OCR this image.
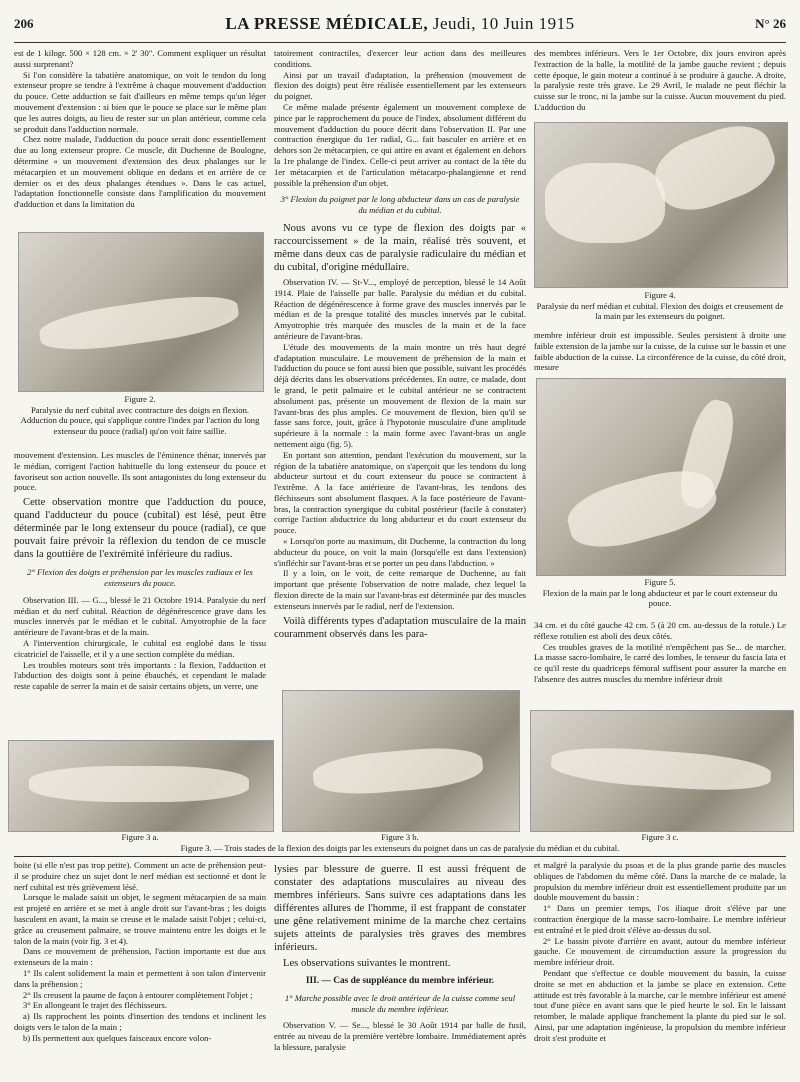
206	LA PRESSE MÉDICALE, Jeudi, 10 Juin 1915	N° 26

est de 1 kilogr. 500 × 128 cm. × 2' 30". Comment expliquer un résultat aussi surprenant?

Si l'on considère la tabatière anatomique, on voit le tendon du long extenseur propre se tendre à l'extrême à chaque mouvement d'adduction du pouce. Cette adduction se fait d'ailleurs en même temps qu'un léger mouvement d'extension : si bien que le pouce se place sur le même plan que les autres doigts, au lieu de rester sur un plan antérieur, comme cela se produit dans l'adduction normale.

Chez notre malade, l'adduction du pouce serait donc essentiellement due au long extenseur propre. Ce muscle, dit Duchenne de Boulogne, détermine « un mouvement d'extension des deux phalanges sur le métacarpien et un mouvement oblique en dedans et en arrière de ce dernier os et des deux phalanges étendues ». Dans le cas actuel, l'adaptation fonctionnelle consiste dans l'amplification du mouvement d'adduction et dans la limitation du

Figure 2.
Paralysie du nerf cubital avec contracture des doigts en flexion. Adduction du pouce, qui s'applique contre l'index par l'action du long extenseur du pouce (radial) qu'on voit faire saillie.

mouvement d'extension. Les muscles de l'éminence thénar, innervés par le médian, corrigent l'action habituelle du long extenseur du pouce et favoriseut son action nouvelle. Ils sont antagonistes du long extenseur du pouce.

Cette observation montre que l'adduction du pouce, quand l'adducteur du pouce (cubital) est lésé, peut être déterminée par le long extenseur du pouce (radial), ce que pouvait faire prévoir la réflexion du tendon de ce muscle dans la gouttière de l'extrémité inférieure du radius.

2° Flexion des doigts et préhension par les muscles radiaux et les extenseurs du pouce.

Observation III. — G..., blessé le 21 Octobre 1914. Paralysie du nerf médian et du nerf cubital. Réaction de dégénérescence grave dans les muscles innervés par le médian et le cubital. Amyotrophie de la face antérieure de l'avant-bras et de la main.

A l'intervention chirurgicale, le cubital est englobé dans le tissu cicatriciel de l'aisselle, et il y a une section complète du médian.

Les troubles moteurs sont très importants : la flexion, l'adduction et l'abduction des doigts sont à peine ébauchés, et cependant le malade reste capable de serrer la main et de saisir certains objets, un verre, une

tatoirement contractiles, d'exercer leur action dans des meilleures conditions.

Ainsi par un travail d'adaptation, la préhension (mouvement de flexion des doigts) peut être réalisée essentiellement par les extenseurs du poignet.

Ce même malade présente également un mouvement complexe de pince par le rapprochement du pouce de l'index, absolument différent du mouvement d'adduction du pouce décrit dans l'observation II. Par une contraction énergique du 1er radial, G... fait basculer en arrière et en dehors son 2e métacarpien, ce qui attire en avant et également en dehors la 1re phalange de l'index. Celle-ci peut arriver au contact de la tête du 1er métacarpien et de l'articulation métacarpo-phalangienne et rend possible la préhension d'un objet.

3° Flexion du poignet par le long abducteur dans un cas de paralysie du médian et du cubital.

Nous avons vu ce type de flexion des doigts par « raccourcissement » de la main, réalisé très souvent, et même dans deux cas de paralysie radiculaire du médian et du cubital, d'origine médullaire.

Observation IV. — St-V..., employé de perception, blessé le 14 Août 1914. Plaie de l'aisselle par balle. Paralysie du médian et du cubital. Réaction de dégénérescence à forme grave des muscles innervés par le médian et de la presque totalité des muscles innervés par le cubital. Amyotrophie très marquée des muscles de la main et de la face antérieure de l'avant-bras.

L'étude des mouvements de la main montre un très haut degré d'adaptation musculaire. Le mouvement de préhension de la main et l'adduction du pouce se font aussi bien que possible, suivant les procédés déjà décrits dans les observations précédentes. En outre, ce malade, dont le grand, le petit palmaire et le cubital antérieur ne se contractent absolument pas, présente un mouvement de flexion de la main sur l'avant-bras des plus amples. Ce mouvement de flexion, bien qu'il se fasse sans force, jouit, grâce à l'hypotonie musculaire d'une amplitude supérieure à la normale : la main forme avec l'avant-bras un angle nettement aigu (fig. 5).

En portant son attention, pendant l'exécution du mouvement, sur la région de la tabatière anatomique, on s'aperçoit que les tendons du long abducteur surtout et du court extenseur du pouce se contractent à l'extrême. A la face antérieure de l'avant-bras, les tendons des fléchisseurs sont absolument flasques. A la face postérieure de l'avant-bras, la contraction synergique du cubital postérieur (facile à constater) corrige l'action abductrice du long abducteur et du court extenseur du pouce.

« Lorsqu'on porte au maximum, dit Duchenne, la contraction du long abducteur du pouce, on voit la main (lorsqu'elle est dans l'extension) s'infléchir sur l'avant-bras et se porter un peu dans l'abduction. »

Il y a loin, on le voit, de cette remarque de Duchenne, au fait important que présente l'observation de notre malade, chez lequel la flexion directe de la main sur l'avant-bras est déterminée par des muscles extenseurs innervés par le radial, nerf de l'extension.

Voilà différents types d'adaptation musculaire de la main couramment observés dans les para-

des membres inférieurs. Vers le 1er Octobre, dix jours environ après l'extraction de la balle, la motilité de la jambe gauche revient ; depuis cette époque, le gain moteur a continué à se produire à gauche. A droite, la paralysie reste très grave. Le 29 Avril, le malade ne peut fléchir la cuisse sur le tronc, ni la jambe sur la cuisse. Aucun mouvement du pied. L'adduction du

Figure 4.
Paralysie du nerf médian et cubital. Flexion des doigts et creusement de la main par les extenseurs du poignet.

membre inférieur droit est impossible. Seules persistent à droite une faible extension de la jambe sur la cuisse, de la cuisse sur le bassin et une faible abduction de la cuisse. La circonférence de la cuisse, du côté droit, mesure

Figure 5.
Flexion de la main par le long abducteur et par le court extenseur du pouce.

34 cm. et du côté gauche 42 cm. 5 (à 20 cm. au-dessus de la rotule.) Le réflexe rotulien est aboli des deux côtés.

Ces troubles graves de la motilité n'empêchent pas Se... de marcher. La masse sacro-lombaire, le carré des lombes, le tenseur du fascia lata et ce qu'il reste du quadriceps fémoral suffisent pour assurer la marche en l'absence des autres muscles du membre inférieur droit

Figure 3 a.	Figure 3 b.	Figure 3 c.
Figure 3. — Trois stades de la flexion des doigts par les extenseurs du poignet dans un cas de paralysie du médian et du cubital.

boite (si elle n'est pas trop petite). Comment un acte de préhension peut-il se produire chez un sujet dont le nerf médian est sectionné et dont le nerf cubital est très grièvement lésé.

Lorsque le malade saisit un objet, le segment métacarpien de sa main est projeté en arrière et se met à angle droit sur l'avant-bras ; les doigts basculent en avant, la main se creuse et le malade saisit l'objet ; celui-ci, grâce au creusement palmaire, se trouve maintenu entre les doigts et le talon de la main (voir fig. 3 et 4).

Dans ce mouvement de préhension, l'action importante est due aux extenseurs de la main :

1° Ils calent solidement la main et permettent à son talon d'intervenir dans la préhension ;

2° Ils creusent la paume de façon à entourer complètement l'objet ;

3° En allongeant le trajet des fléchisseurs.

a) Ils rapprochent les points d'insertion des tendons et inclinent les doigts vers le talon de la main ;

b) Ils permettent aux quelques faisceaux encore volon-

lysies par blessure de guerre. Il est aussi fréquent de constater des adaptations musculaires au niveau des membres inférieurs. Sans suivre ces adaptations dans les différentes allures de l'homme, il est frappant de constater une gêne relativement minime de la marche chez certains sujets atteints de paralysies très graves des membres inférieurs.

Les observations suivantes le montrent.

III. — Cas de suppléance du membre inférieur.

1° Marche possible avec le droit antérieur de la cuisse comme seul muscle du membre inférieur.

Observation V. — Se..., blessé le 30 Août 1914 par balle de fusil, entrée au niveau de la première vertèbre lombaire. Immédiatement après la blessure, paralysie

et malgré la paralysie du psoas et de la plus grande partie des muscles obliques de l'abdomen du même côté. Dans la marche de ce malade, la propulsion du membre inférieur droit est essentiellement produite par un double mouvement du bassin :

1° Dans un premier temps, l'os iliaque droit s'élève par une contraction énergique de la masse sacro-lombaire. Le membre inférieur est entraîné et le pied droit s'élève au-dessus du sol.

2° Le bassin pivote d'arrière en avant, autour du membre inférieur gauche. Ce mouvement de circumduction assure la progression du membre inférieur droit.

Pendant que s'effectue ce double mouvement du bassin, la cuisse droite se met en abduction et la jambe se place en extension. Cette attitude est très favorable à la marche, car le membre inférieur est amené tout d'une pièce en avant sans que le pied heurte le sol. En le laissant retomber, le malade applique franchement la plante du pied sur le sol. Ainsi, par une adaptation ingénieuse, la propulsion du membre inférieur droit s'est produite et
